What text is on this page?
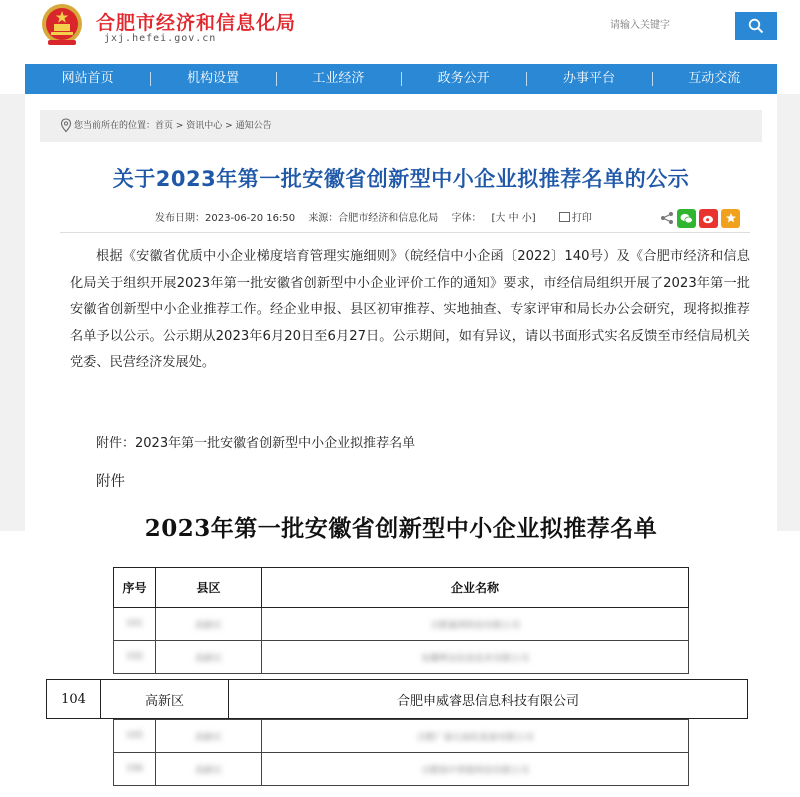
合肥市经济和信息化局
jxj.hefei.gov.cn
请输入关键字
网站首页	机构设置	工业经济	政务公开	办事平台	互动交流
您当前所在的位置：首页 > 资讯中心 > 通知公告
关于2023年第一批安徽省创新型中小企业拟推荐名单的公示
发布日期：2023-06-20 16:50 来源：合肥市经济和信息化局 字体： [大 中 小]	打印
根据《安徽省优质中小企业梯度培育管理实施细则》（皖经信中小企函〔2022〕140号）及《合肥市经济和信息化局关于组织开展2023年第一批安徽省创新型中小企业评价工作的通知》要求，市经信局组织开展了2023年第一批安徽省创新型中小企业推荐工作。经企业申报、县区初审推荐、实地抽查、专家评审和局长办公会研究，现将拟推荐名单予以公示。公示期从2023年6月20日至6月27日。公示期间，如有异议，请以书面形式实名反馈至市经信局机关党委、民营经济发展处。
附件：2023年第一批安徽省创新型中小企业拟推荐名单
附件
2023年第一批安徽省创新型中小企业拟推荐名单
序号	县区	企业名称
101	高新区	合肥盛鸿科技有限公司
102	高新区	安徽辉达信息技术有限公司
104	高新区	合肥申威睿思信息科技有限公司
105	高新区	合肥广泰石油化装备有限公司
106	高新区	合肥扬中智能科技有限公司
